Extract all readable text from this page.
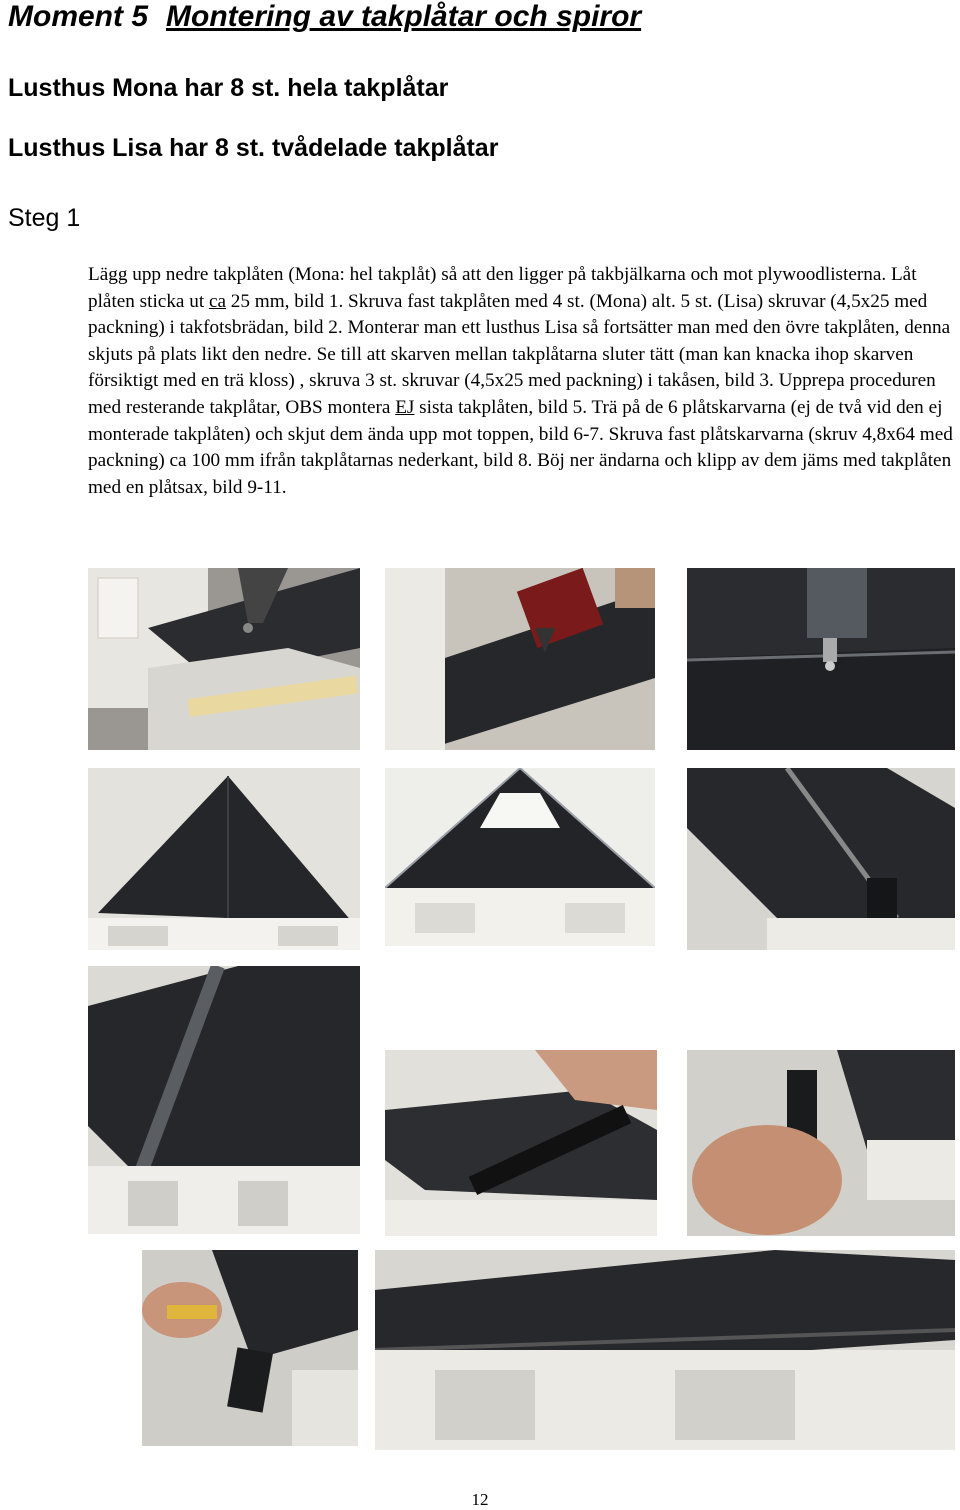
Moment 5 Montering av takplåtar och spiror
Lusthus Mona har 8 st. hela takplåtar
Lusthus Lisa har 8 st. tvådelade takplåtar
Steg 1

Lägg upp nedre takplåten (Mona: hel takplåt) så att den ligger på takbjälkarna och mot plywoodlisterna. Låt plåten sticka ut ca 25 mm, bild 1. Skruva fast takplåten med 4 st. (Mona) alt. 5 st. (Lisa) skruvar (4,5x25 med packning) i takfotsbrädan, bild 2. Monterar man ett lusthus Lisa så fortsätter man med den övre takplåten, denna skjuts på plats likt den nedre. Se till att skarven mellan takplåtarna sluter tätt (man kan knacka ihop skarven försiktigt med en trä kloss) , skruva 3 st. skruvar (4,5x25 med packning) i takåsen, bild 3. Upprepa proceduren med resterande takplåtar, OBS montera EJ sista takplåten, bild 5. Trä på de 6 plåtskarvarna (ej de två vid den ej monterade takplåten) och skjut dem ända upp mot toppen, bild 6-7. Skruva fast plåtskarvarna (skruv 4,8x64 med packning) ca 100 mm ifrån takplåtarnas nederkant, bild 8. Böj ner ändarna och klipp av dem jäms med takplåten med en plåtsax, bild 9-11.

12
